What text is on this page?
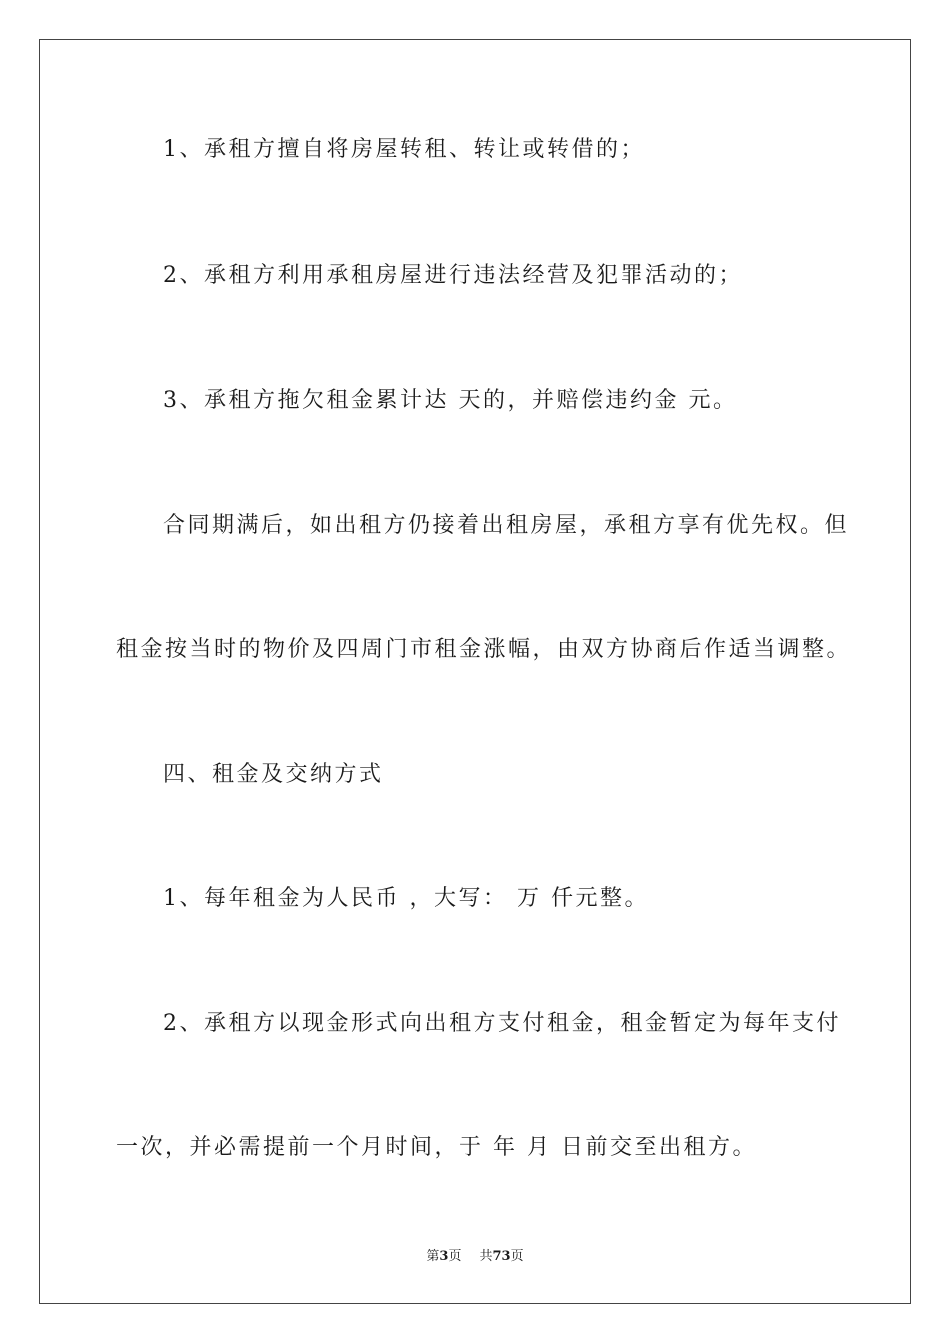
1、承租方擅自将房屋转租、转让或转借的；
2、承租方利用承租房屋进行违法经营及犯罪活动的；
3、承租方拖欠租金累计达 天的，并赔偿违约金 元。
合同期满后，如出租方仍接着出租房屋，承租方享有优先权。但
租金按当时的物价及四周门市租金涨幅，由双方协商后作适当调整。
四、租金及交纳方式
1、每年租金为人民币 ，大写： 万 仟元整。
2、承租方以现金形式向出租方支付租金，租金暂定为每年支付
一次，并必需提前一个月时间，于 年 月 日前交至出租方。
第3页 共73页
